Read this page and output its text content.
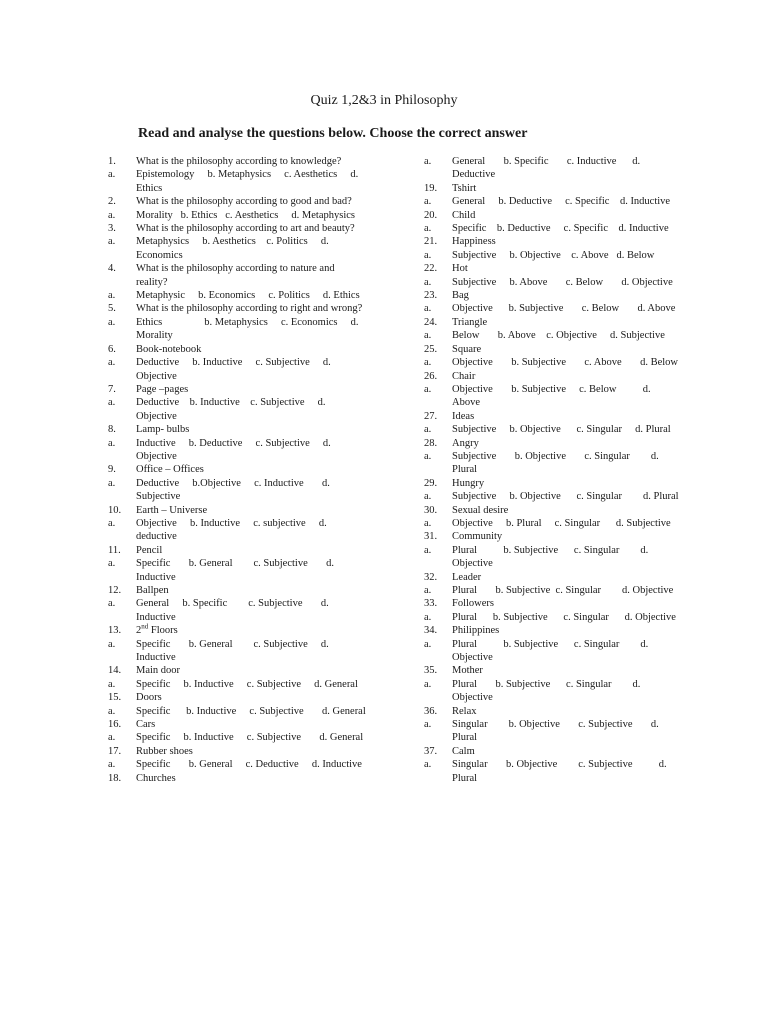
Quiz 1,2&3 in Philosophy
Read and analyse the questions below. Choose the correct answer
1. What is the philosophy according to knowledge?
a. Epistemology     b. Metaphysics     c. Aesthetics     d.  Ethics
2. What is the philosophy according to good and bad?
a. Morality   b. Ethics   c. Aesthetics     d. Metaphysics
3. What is the philosophy according to art and beauty?
a. Metaphysics     b. Aesthetics    c. Politics     d. Economics
4. What is the philosophy according to nature and reality?
a. Metaphysic     b. Economics     c. Politics     d. Ethics
5. What is the philosophy according to right and wrong?
a. Ethics                b. Metaphysics     c. Economics     d. Morality
6. Book-notebook
a. Deductive     b. Inductive     c. Subjective     d. Objective
7. Page –pages
a. Deductive    b. Inductive    c. Subjective     d. Objective
8. Lamp- bulbs
a. Inductive     b. Deductive     c. Subjective     d. Objective
9. Office – Offices
a. Deductive     b.Objective     c. Inductive       d. Subjective
10. Earth – Universe
a. Objective     b. Inductive     c. subjective     d. deductive
11. Pencil
a. Specific       b. General        c. Subjective       d. Inductive
12. Ballpen
a. General     b. Specific        c. Subjective       d. Inductive
13. 2nd Floors
a. Specific       b. General        c. Subjective     d. Inductive
14. Main door
a. Specific     b. Inductive     c. Subjective     d. General
15. Doors
a. Specific      b. Inductive     c. Subjective       d. General
16. Cars
a. Specific     b. Inductive     c. Subjective       d. General
17. Rubber shoes
a. Specific       b. General     c. Deductive     d. Inductive
18. Churches
a. General       b. Specific       c. Inductive      d. Deductive
19. Tshirt
a. General     b. Deductive     c. Specific    d. Inductive
20. Child
a. Specific    b. Deductive     c. Specific    d. Inductive
21. Happiness
a. Subjective     b. Objective    c. Above   d. Below
22. Hot
a. Subjective     b. Above       c. Below       d. Objective
23. Bag
a. Objective      b. Subjective       c. Below       d. Above
24. Triangle
a. Below       b. Above    c. Objective     d. Subjective
25. Square
a. Objective       b. Subjective       c. Above       d. Below
26. Chair
a. Objective       b. Subjective     c. Below          d. Above
27. Ideas
a. Subjective     b. Objective      c. Singular     d. Plural
28. Angry
a. Subjective       b. Objective       c. Singular        d. Plural
29. Hungry
a. Subjective     b. Objective      c. Singular        d. Plural
30. Sexual desire
a. Objective     b. Plural     c. Singular      d. Subjective
31. Community
a. Plural          b. Subjective      c. Singular        d. Objective
32. Leader
a. Plural       b. Subjective  c. Singular        d. Objective
33. Followers
a. Plural      b. Subjective      c. Singular      d. Objective
34. Philippines
a. Plural          b. Subjective      c. Singular        d. Objective
35. Mother
a. Plural       b. Subjective      c. Singular        d. Objective
36. Relax
a. Singular        b. Objective       c. Subjective       d. Plural
37. Calm
a. Singular       b. Objective        c. Subjective          d. Plural
